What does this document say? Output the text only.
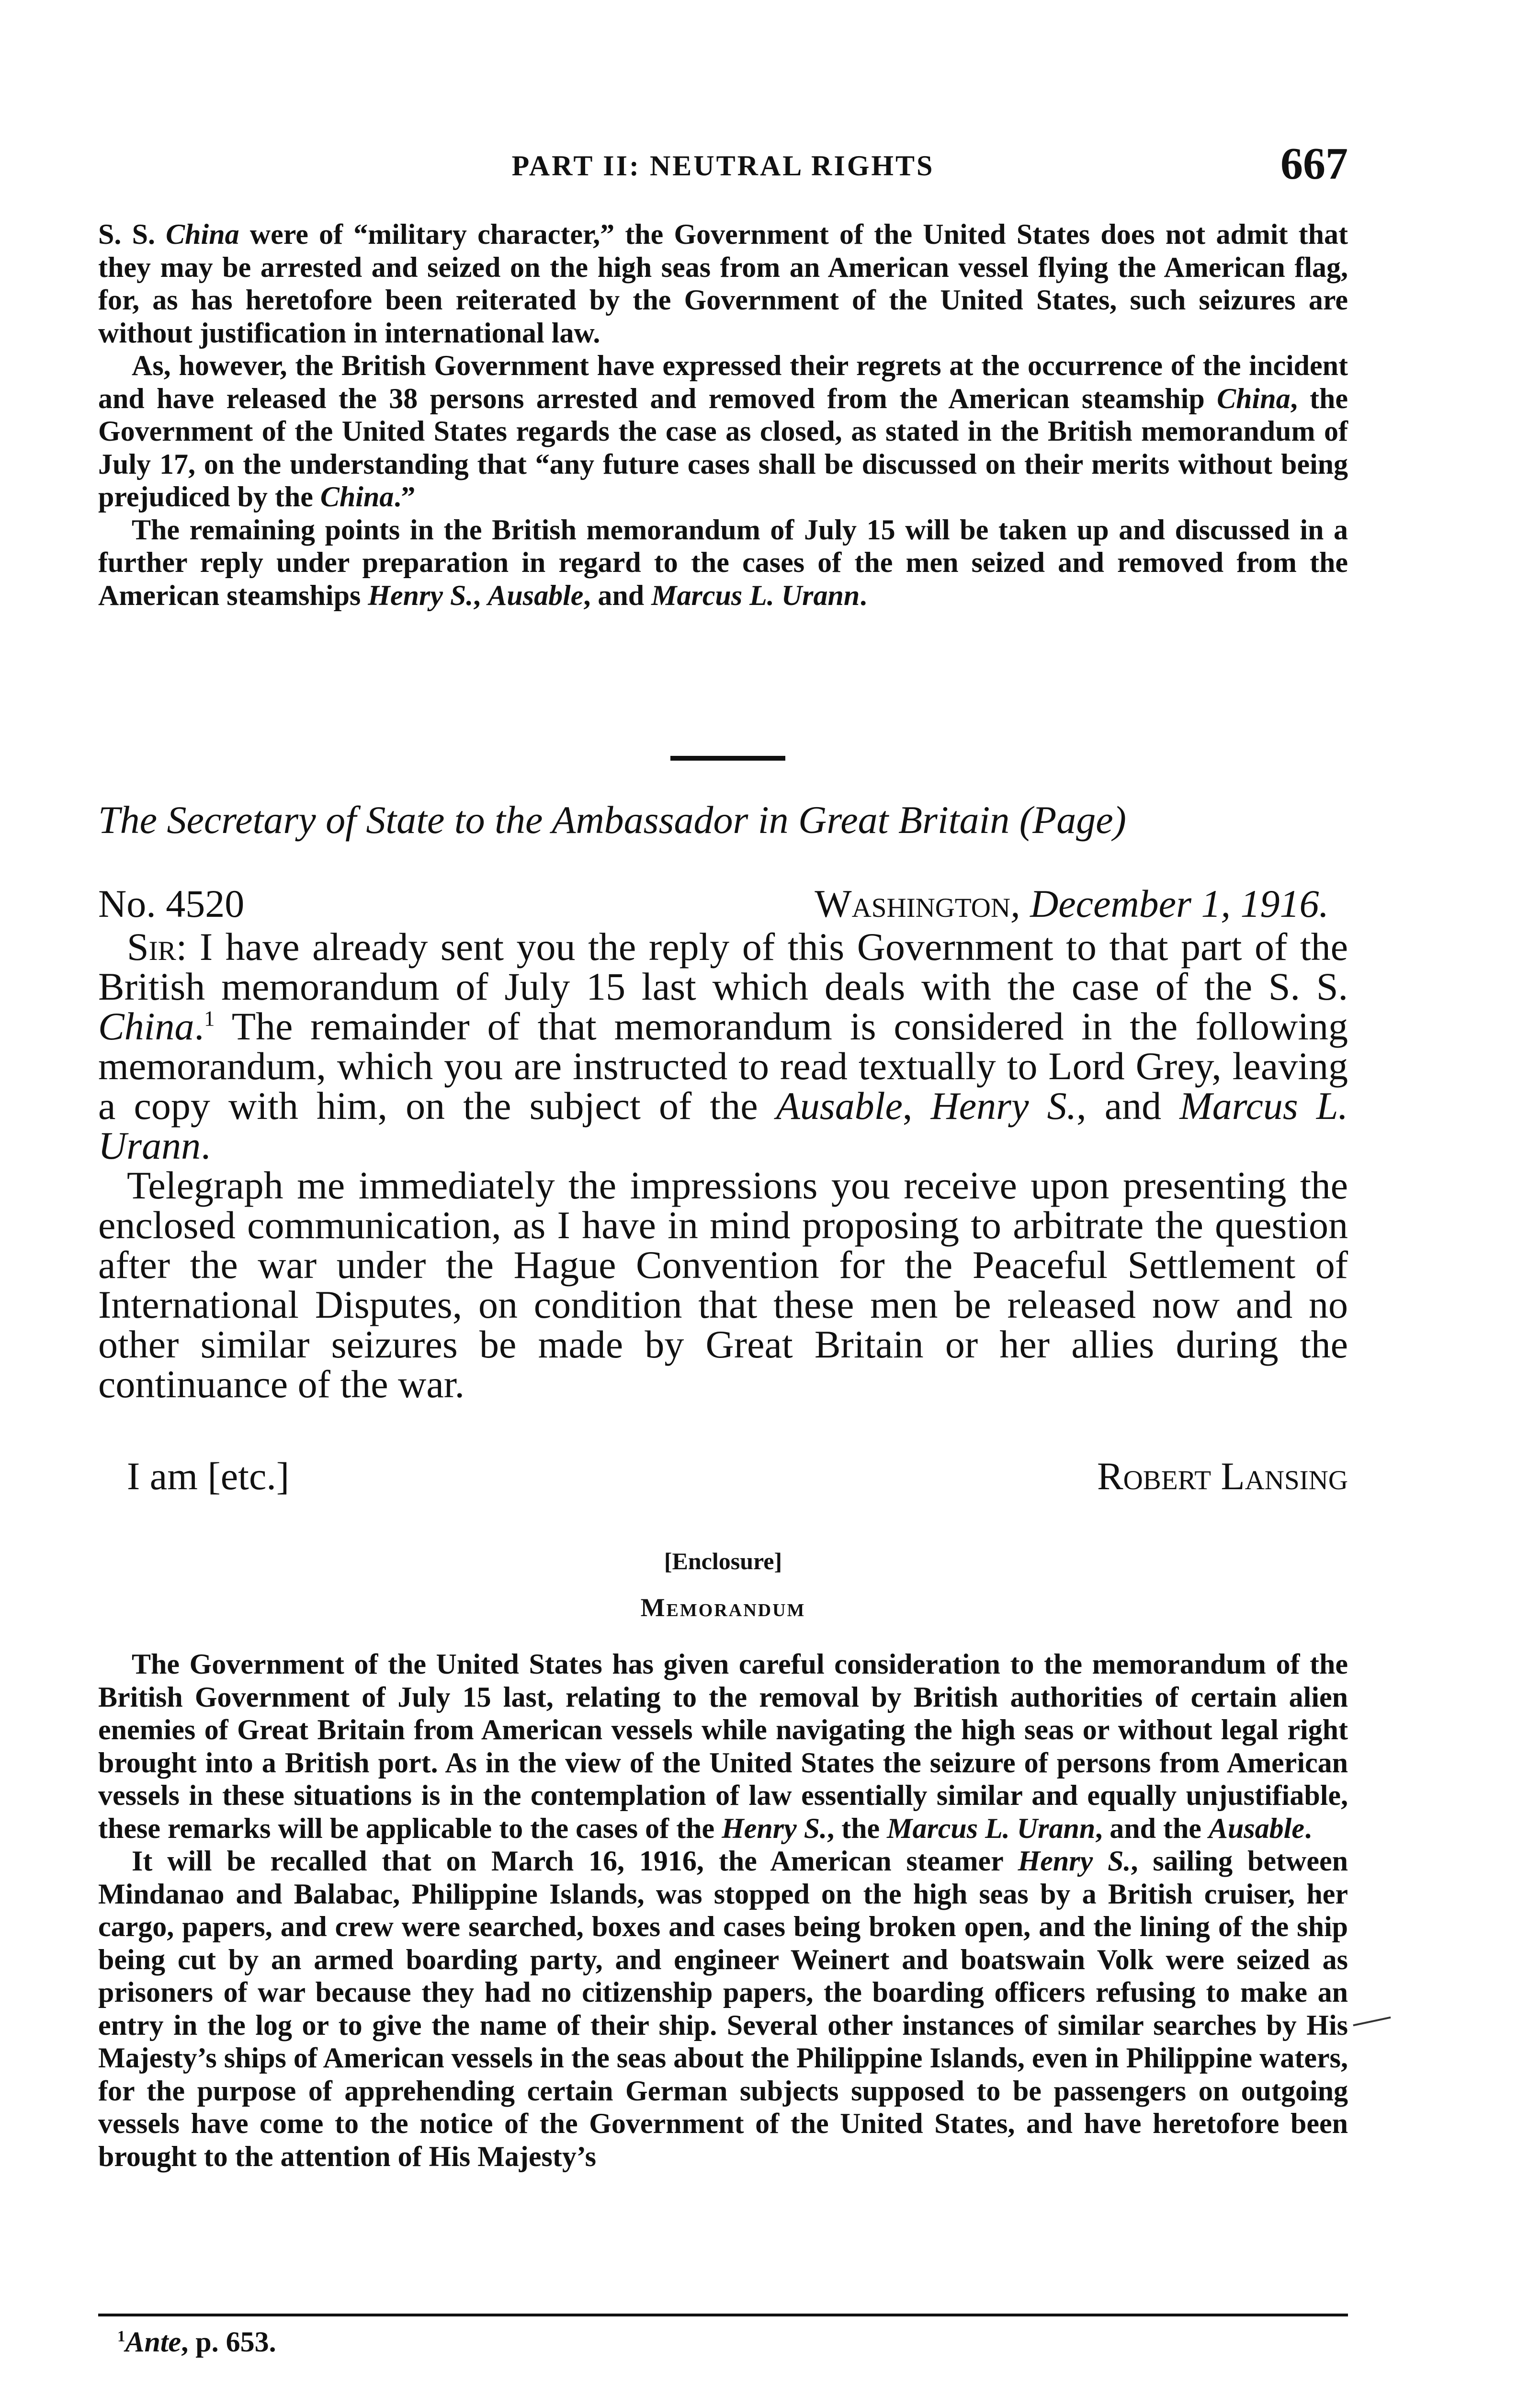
PART II: NEUTRAL RIGHTS	667

S. S. China were of “military character,” the Government of the United States does not admit that they may be arrested and seized on the high seas from an American vessel flying the American flag, for, as has heretofore been reiterated by the Government of the United States, such seizures are without justification in international law.

As, however, the British Government have expressed their regrets at the occurrence of the incident and have released the 38 persons arrested and removed from the American steamship China, the Government of the United States regards the case as closed, as stated in the British memorandum of July 17, on the understanding that “any future cases shall be discussed on their merits without being prejudiced by the China.”

The remaining points in the British memorandum of July 15 will be taken up and discussed in a further reply under preparation in regard to the cases of the men seized and removed from the American steamships Henry S., Ausable, and Marcus L. Urann.

The Secretary of State to the Ambassador in Great Britain (Page)
No. 4520	Washington, December 1, 1916.

Sir: I have already sent you the reply of this Government to that part of the British memorandum of July 15 last which deals with the case of the S. S. China.$^1$ The remainder of that memorandum is considered in the following memorandum, which you are instructed to read textually to Lord Grey, leaving a copy with him, on the subject of the Ausable, Henry S., and Marcus L. Urann.

Telegraph me immediately the impressions you receive upon presenting the enclosed communication, as I have in mind proposing to arbitrate the question after the war under the Hague Convention for the Peaceful Settlement of International Disputes, on condition that these men be released now and no other similar seizures be made by Great Britain or her allies during the continuance of the war.

I am [etc.]	Robert Lansing
[Enclosure]
Memorandum

The Government of the United States has given careful consideration to the memorandum of the British Government of July 15 last, relating to the removal by British authorities of certain alien enemies of Great Britain from American vessels while navigating the high seas or without legal right brought into a British port. As in the view of the United States the seizure of persons from American vessels in these situations is in the contemplation of law essentially similar and equally unjustifiable, these remarks will be applicable to the cases of the Henry S., the Marcus L. Urann, and the Ausable.

It will be recalled that on March 16, 1916, the American steamer Henry S., sailing between Mindanao and Balabac, Philippine Islands, was stopped on the high seas by a British cruiser, her cargo, papers, and crew were searched, boxes and cases being broken open, and the lining of the ship being cut by an armed boarding party, and engineer Weinert and boatswain Volk were seized as prisoners of war because they had no citizenship papers, the boarding officers refusing to make an entry in the log or to give the name of their ship. Several other instances of similar searches by His Majesty’s ships of American vessels in the seas about the Philippine Islands, even in Philippine waters, for the purpose of apprehending certain German subjects supposed to be passengers on outgoing vessels have come to the notice of the Government of the United States, and have heretofore been brought to the attention of His Majesty’s

$^1$Ante, p. 653.
